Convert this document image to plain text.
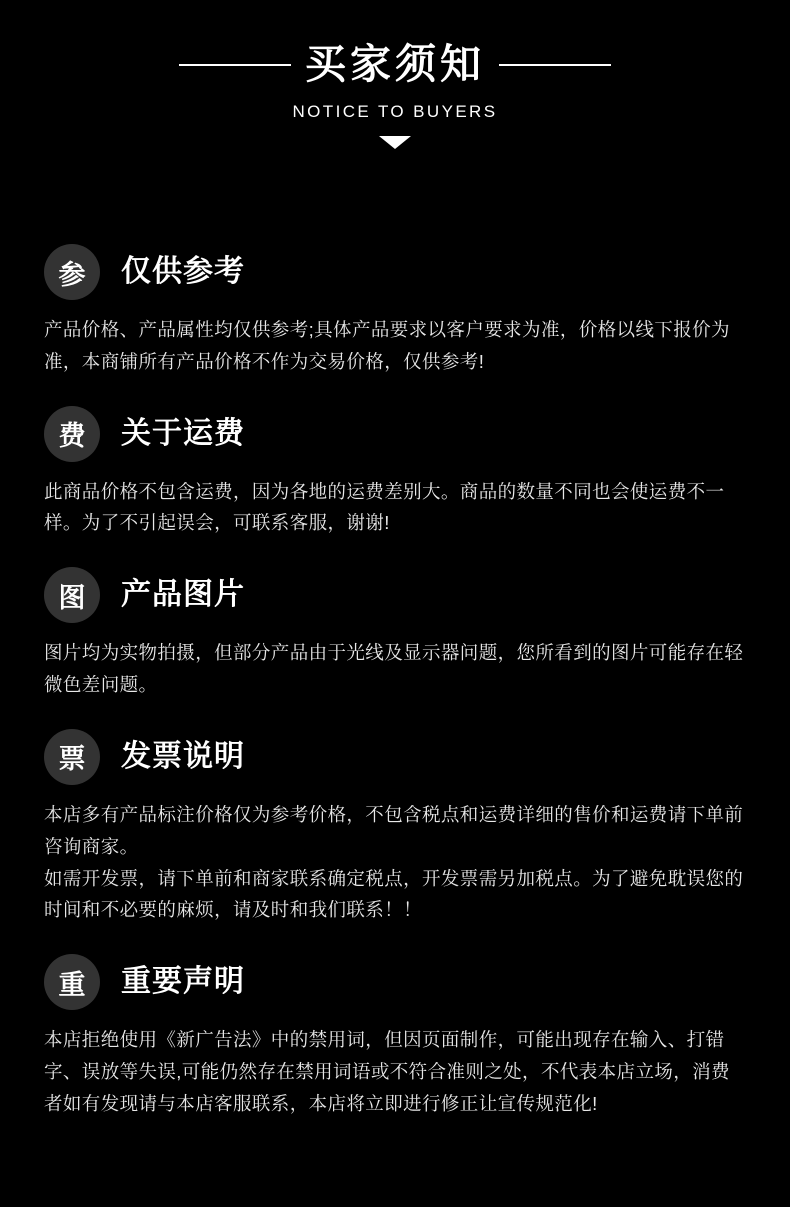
买家须知
NOTICE TO BUYERS
参	仅供参考

产品价格、产品属性均仅供参考;具体产品要求以客户要求为准，价格以线下报价为准，本商铺所有产品价格不作为交易价格，仅供参考!

费	关于运费

此商品价格不包含运费，因为各地的运费差别大。商品的数量不同也会使运费不一样。为了不引起误会，可联系客服，谢谢!

图	产品图片

图片均为实物拍摄，但部分产品由于光线及显示器问题，您所看到的图片可能存在轻微色差问题。

票	发票说明

本店多有产品标注价格仅为参考价格，不包含税点和运费详细的售价和运费请下单前咨询商家。

如需开发票，请下单前和商家联系确定税点，开发票需另加税点。为了避免耽误您的时间和不必要的麻烦，请及时和我们联系！！

重	重要声明

本店拒绝使用《新广告法》中的禁用词，但因页面制作，可能出现存在输入、打错字、误放等失误,可能仍然存在禁用词语或不符合准则之处，不代表本店立场，消费者如有发现请与本店客服联系，本店将立即进行修正让宣传规范化!
